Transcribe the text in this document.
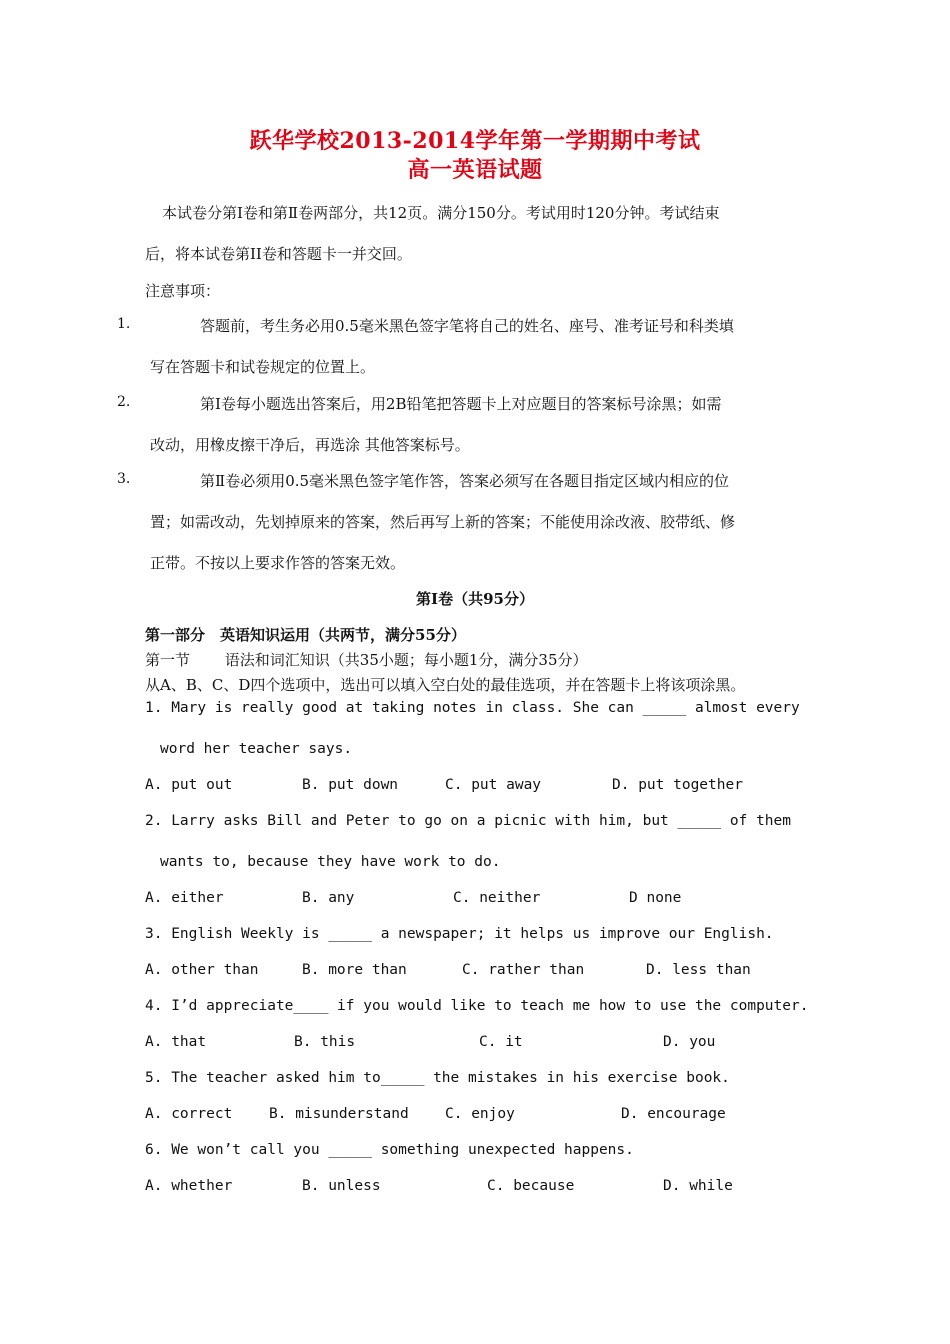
跃华学校2013-2014学年第一学期期中考试
高一英语试题
本试卷分第Ⅰ卷和第Ⅱ卷两部分，共12页。满分150分。考试用时120分钟。考试结束
后，将本试卷第II卷和答题卡一并交回。
注意事项：
1.	答题前，考生务必用0.5毫米黑色签字笔将自己的姓名、座号、准考证号和科类填
写在答题卡和试卷规定的位置上。
2.	第Ⅰ卷每小题选出答案后，用2B铅笔把答题卡上对应题目的答案标号涂黑；如需
改动，用橡皮擦干净后，再选涂 其他答案标号。
3.	第Ⅱ卷必须用0.5毫米黑色签字笔作答，答案必须写在各题目指定区域内相应的位
置；如需改动，先划掉原来的答案，然后再写上新的答案；不能使用涂改液、胶带纸、修
正带。不按以上要求作答的答案无效。
第Ⅰ卷（共95分）
第一部分　英语知识运用（共两节，满分55分）
第一节　　 语法和词汇知识（共35小题；每小题1分，满分35分）
从A、B、C、D四个选项中，选出可以填入空白处的最佳选项，并在答题卡上将该项涂黑。
1. Mary is really good at taking notes in class. She can _____ almost every
word her teacher says.
A. put out	B. put down	C. put away	D. put together
2. Larry asks Bill and Peter to go on a picnic with him, but _____ of them
wants to, because they have work to do.
A. either	B. any	C. neither	D none
3. English Weekly is _____ a newspaper; it helps us improve our English.
A. other than	B. more than	C. rather than	D. less than
4. I’d appreciate____ if you would like to teach me how to use the computer.
A. that	B. this	C. it	D. you
5. The teacher asked him to_____ the mistakes in his exercise book.
A. correct	B. misunderstand	C. enjoy	D. encourage
6. We won’t call you _____ something unexpected happens.
A. whether	B. unless	C. because	D. while
